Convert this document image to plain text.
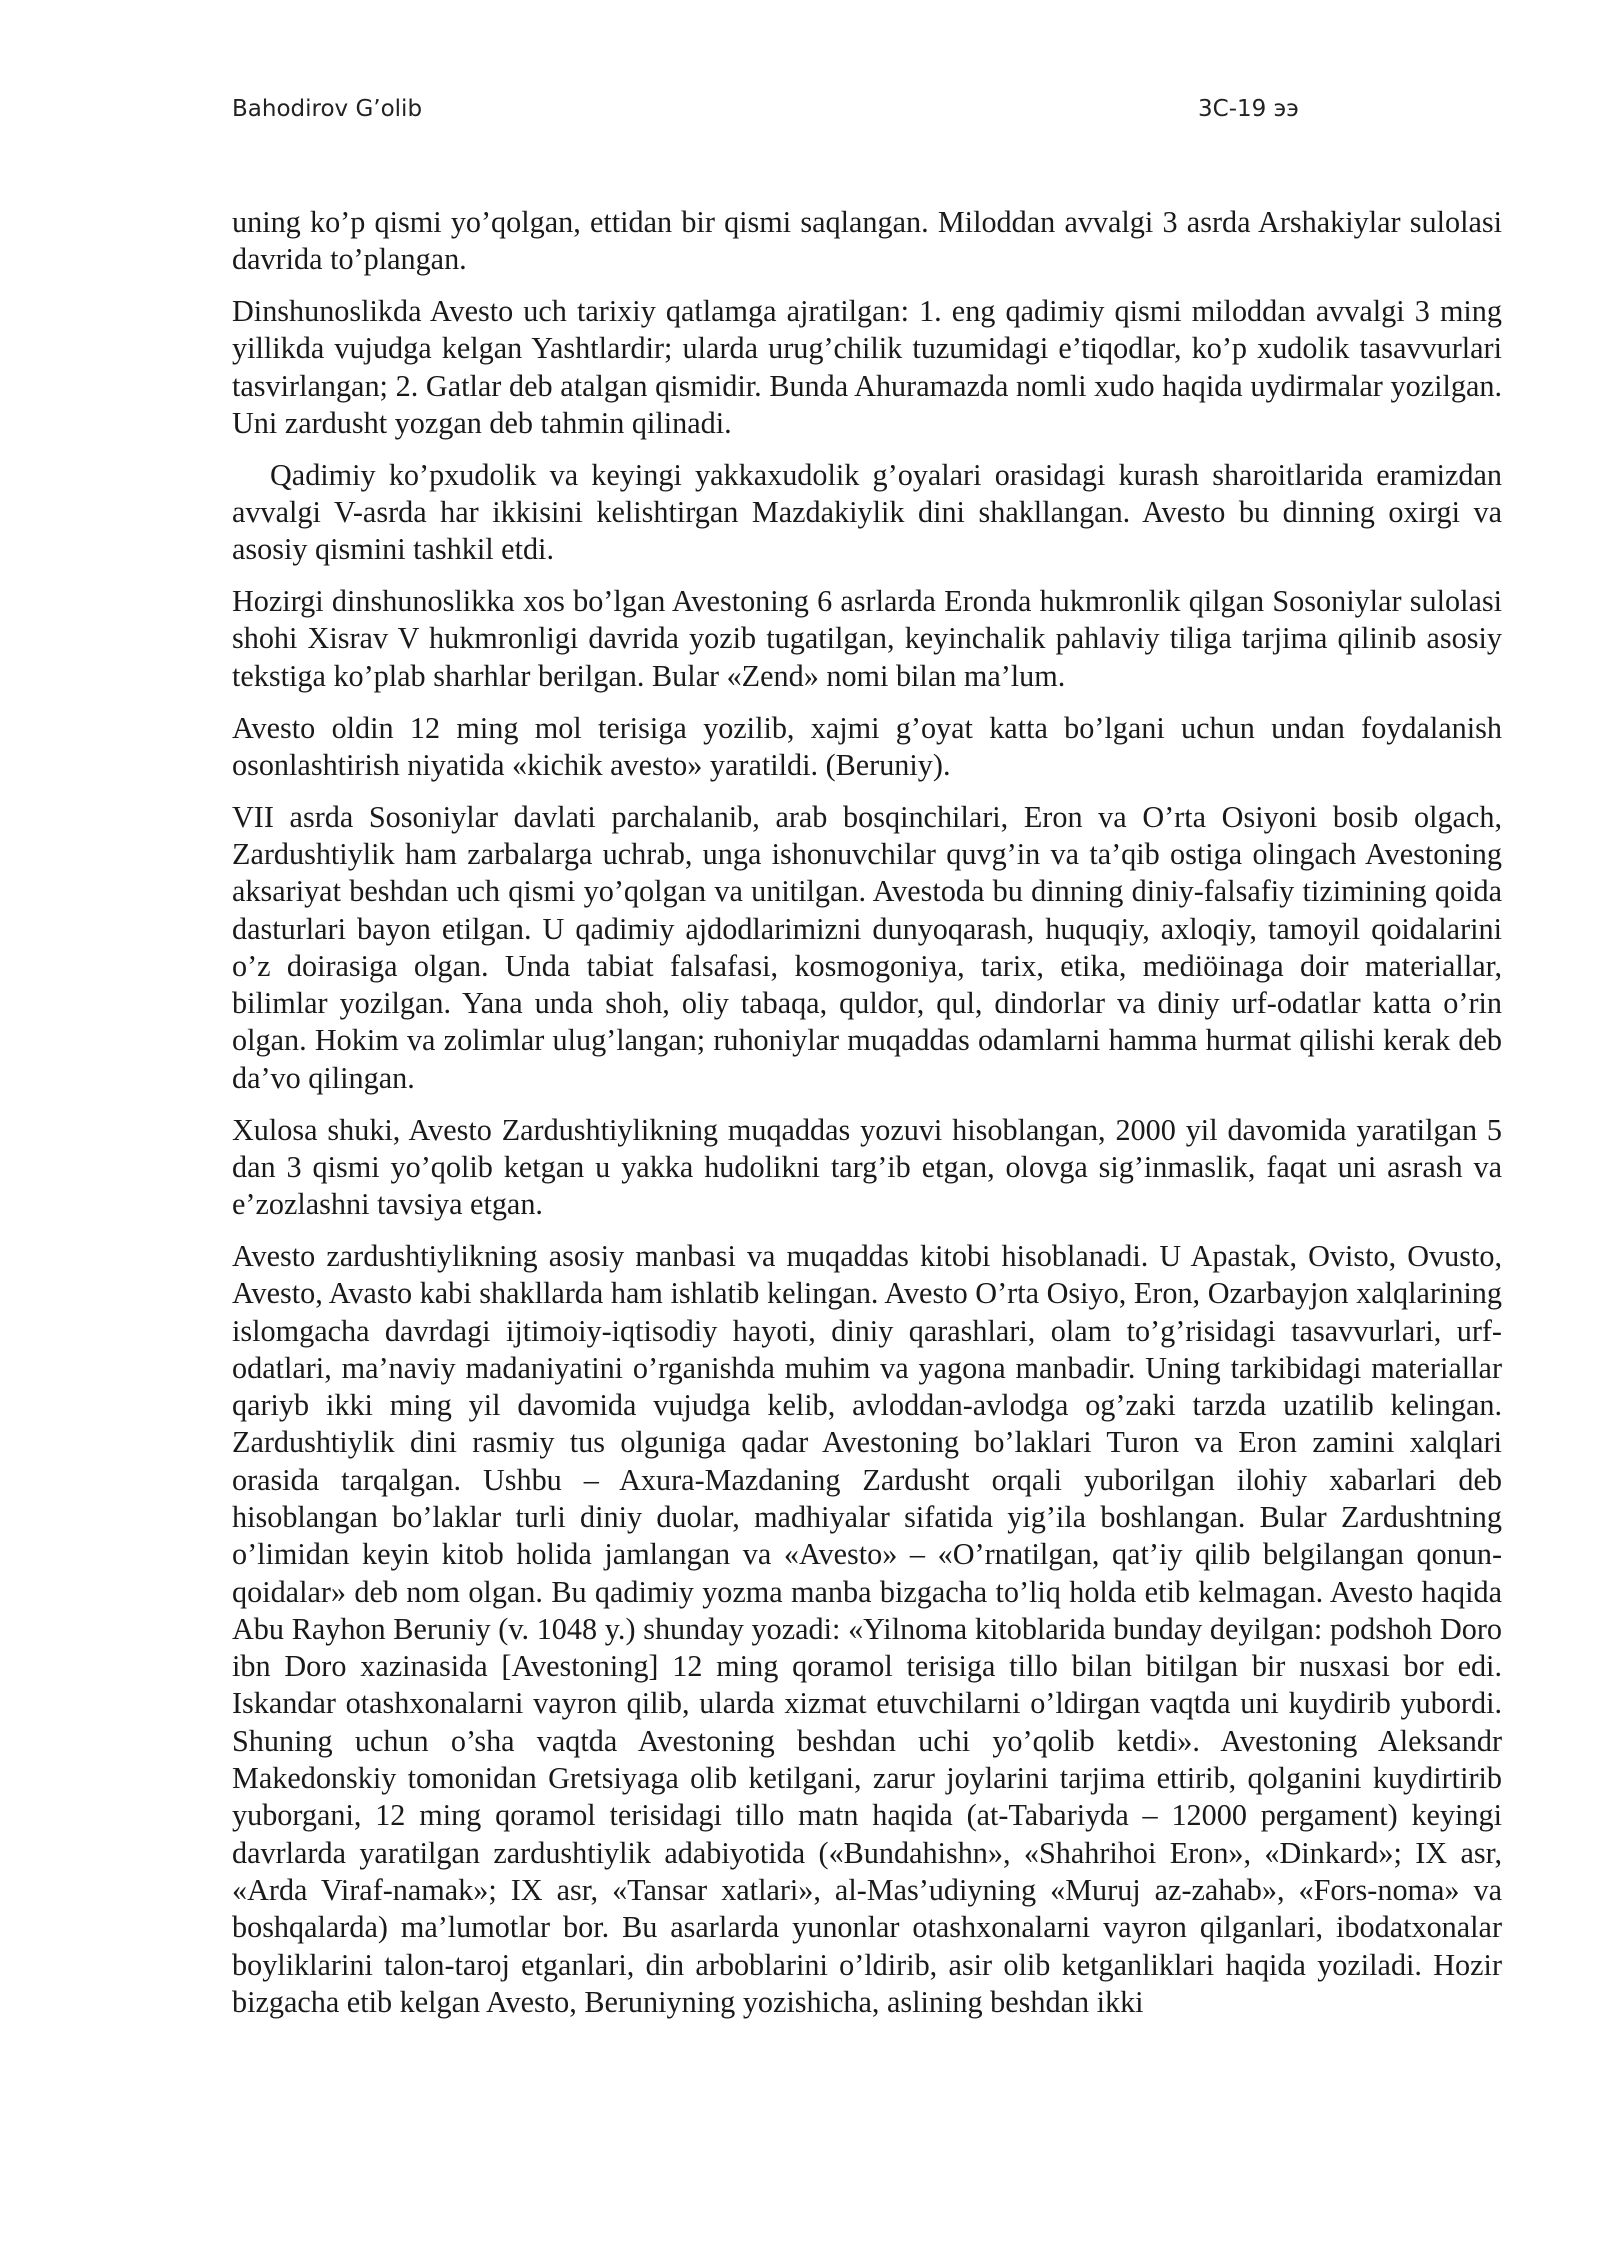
Bahodirov G’olib	3C-19 ээ

uning ko’p qismi yo’qolgan, ettidan bir qismi saqlangan. Miloddan avvalgi 3 asrda Arshakiylar sulolasi davrida to’plangan.

Dinshunoslikda Avesto uch tarixiy qatlamga ajratilgan: 1. eng qadimiy qismi miloddan avvalgi 3 ming yillikda vujudga kelgan Yashtlardir; ularda urug’chilik tuzumidagi e’tiqodlar, ko’p xudolik tasavvurlari tasvirlangan; 2. Gatlar deb atalgan qismidir. Bunda Ahuramazda nomli xudo haqida uydirmalar yozilgan. Uni zardusht yozgan deb tahmin qilinadi.

Qadimiy ko’pxudolik va keyingi yakkaxudolik g’oyalari orasidagi kurash sharoitlarida eramizdan avvalgi V-asrda har ikkisini kelishtirgan Mazdakiylik dini shakllangan. Avesto bu dinning oxirgi va asosiy qismini tashkil etdi.

Hozirgi dinshunoslikka xos bo’lgan Avestoning 6 asrlarda Eronda hukmronlik qilgan Sosoniylar sulolasi shohi Xisrav V hukmronligi davrida yozib tugatilgan, keyinchalik pahlaviy tiliga tarjima qilinib asosiy tekstiga ko’plab sharhlar berilgan. Bular «Zend» nomi bilan ma’lum.

Avesto oldin 12 ming mol terisiga yozilib, xajmi g’oyat katta bo’lgani uchun undan foydalanish osonlashtirish niyatida «kichik avesto» yaratildi. (Beruniy).

VII asrda Sosoniylar davlati parchalanib, arab bosqinchilari, Eron va O’rta Osiyoni bosib olgach, Zardushtiylik ham zarbalarga uchrab, unga ishonuvchilar quvg’in va ta’qib ostiga olingach Avestoning aksariyat beshdan uch qismi yo’qolgan va unitilgan. Avestoda bu dinning diniy-falsafiy tizimining qoida dasturlari bayon etilgan. U qadimiy ajdodlarimizni dunyoqarash, huquqiy, axloqiy, tamoyil qoidalarini o’z doirasiga olgan. Unda tabiat falsafasi, kosmogoniya, tarix, etika, mediöinaga doir materiallar, bilimlar yozilgan. Yana unda shoh, oliy tabaqa, quldor, qul, dindorlar va diniy urf-odatlar katta o’rin olgan. Hokim va zolimlar ulug’langan; ruhoniylar muqaddas odamlarni hamma hurmat qilishi kerak deb da’vo qilingan.

Xulosa shuki, Avesto Zardushtiylikning muqaddas yozuvi hisoblangan, 2000 yil davomida yaratilgan 5 dan 3 qismi yo’qolib ketgan u yakka hudolikni targ’ib etgan, olovga sig’inmaslik, faqat uni asrash va e’zozlashni tavsiya etgan.

Avesto zardushtiylikning asosiy manbasi va muqaddas kitobi hisoblanadi. U Apastak, Ovisto, Ovusto, Avesto, Avasto kabi shakllarda ham ishlatib kelingan. Avesto O’rta Osiyo, Eron, Ozarbayjon xalqlarining islomgacha davrdagi ijtimoiy-iqtisodiy hayoti, diniy qarashlari, olam to’g’risidagi tasavvurlari, urf-odatlari, ma’naviy madaniyatini o’rganishda muhim va yagona manbadir. Uning tarkibidagi materiallar qariyb ikki ming yil davomida vujudga kelib, avloddan-avlodga og’zaki tarzda uzatilib kelingan. Zardushtiylik dini rasmiy tus olguniga qadar Avestoning bo’laklari Turon va Eron zamini xalqlari orasida tarqalgan. Ushbu – Axura-Mazdaning Zardusht orqali yuborilgan ilohiy xabarlari deb hisoblangan bo’laklar turli diniy duolar, madhiyalar sifatida yig’ila boshlangan. Bular Zardushtning o’limidan keyin kitob holida jamlangan va «Avesto» – «O’rnatilgan, qat’iy qilib belgilangan qonun-qoidalar» deb nom olgan. Bu qadimiy yozma manba bizgacha to’liq holda etib kelmagan. Avesto haqida Abu Rayhon Beruniy (v. 1048 y.) shunday yozadi: «Yilnoma kitoblarida bunday deyilgan: podshoh Doro ibn Doro xazinasida [Avestoning] 12 ming qoramol terisiga tillo bilan bitilgan bir nusxasi bor edi. Iskandar otashxonalarni vayron qilib, ularda xizmat etuvchilarni o’ldirgan vaqtda uni kuydirib yubordi. Shuning uchun o’sha vaqtda Avestoning beshdan uchi yo’qolib ketdi». Avestoning Aleksandr Makedonskiy tomonidan Gretsiyaga olib ketilgani, zarur joylarini tarjima ettirib, qolganini kuydirtirib yuborgani, 12 ming qoramol terisidagi tillo matn haqida (at-Tabariyda – 12000 pergament) keyingi davrlarda yaratilgan zardushtiylik adabiyotida («Bundahishn», «Shahrihoi Eron», «Dinkard»; IX asr, «Arda Viraf-namak»; IX asr, «Tansar xatlari», al-Mas’udiyning «Muruj az-zahab», «Fors-noma» va boshqalarda) ma’lumotlar bor. Bu asarlarda yunonlar otashxonalarni vayron qilganlari, ibodatxonalar boyliklarini talon-taroj etganlari, din arboblarini o’ldirib, asir olib ketganliklari haqida yoziladi. Hozir bizgacha etib kelgan Avesto, Beruniyning yozishicha, aslining beshdan ikki
